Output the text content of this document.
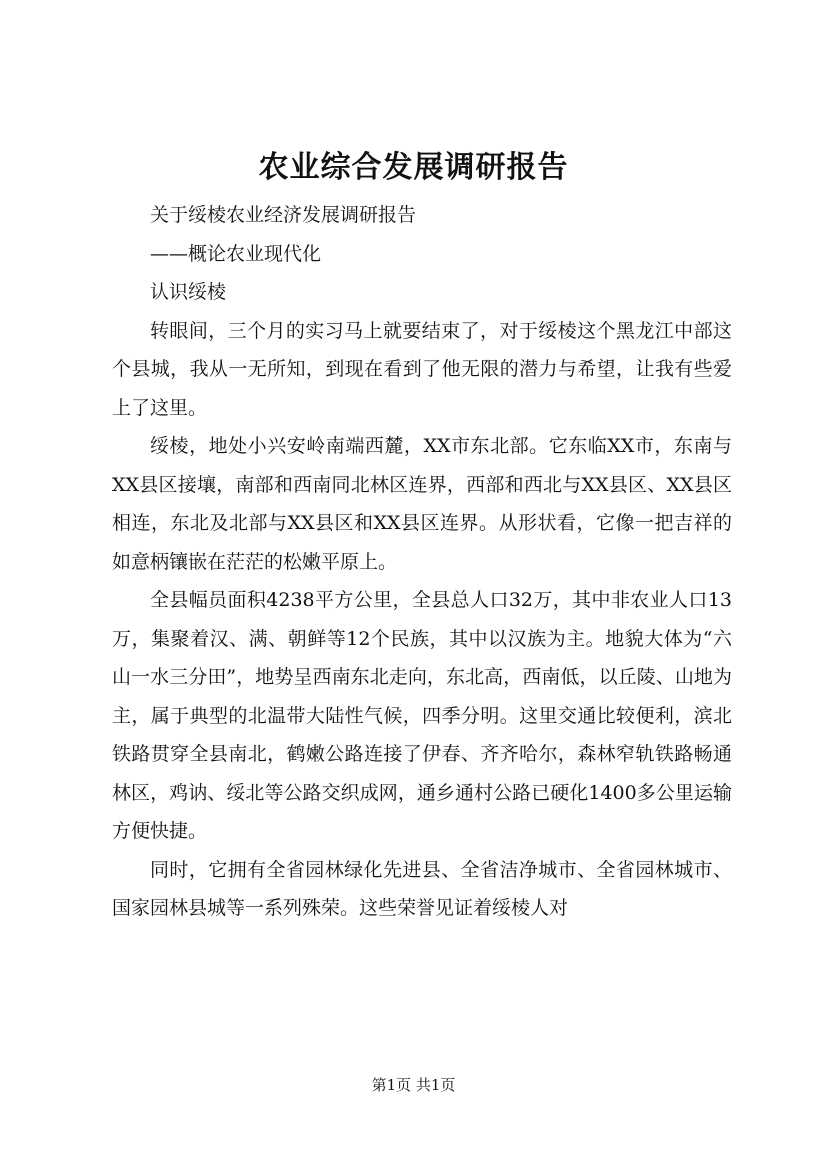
农业综合发展调研报告

关于绥棱农业经济发展调研报告

——概论农业现代化

认识绥棱

转眼间，三个月的实习马上就要结束了，对于绥棱这个黑龙江中部这个县城，我从一无所知，到现在看到了他无限的潜力与希望，让我有些爱上了这里。

绥棱，地处小兴安岭南端西麓，XX市东北部。它东临XX市，东南与XX县区接壤，南部和西南同北林区连界，西部和西北与XX县区、XX县区相连，东北及北部与XX县区和XX县区连界。从形状看，它像一把吉祥的如意柄镶嵌在茫茫的松嫩平原上。

全县幅员面积4238平方公里，全县总人口32万，其中非农业人口13万，集聚着汉、满、朝鲜等12个民族，其中以汉族为主。地貌大体为“六山一水三分田”，地势呈西南东北走向，东北高，西南低，以丘陵、山地为主，属于典型的北温带大陆性气候，四季分明。这里交通比较便利，滨北铁路贯穿全县南北，鹤嫩公路连接了伊春、齐齐哈尔，森林窄轨铁路畅通林区，鸡讷、绥北等公路交织成网，通乡通村公路已硬化1400多公里运输方便快捷。

同时，它拥有全省园林绿化先进县、全省洁净城市、全省园林城市、国家园林县城等一系列殊荣。这些荣誉见证着绥棱人对

第1页 共1页
